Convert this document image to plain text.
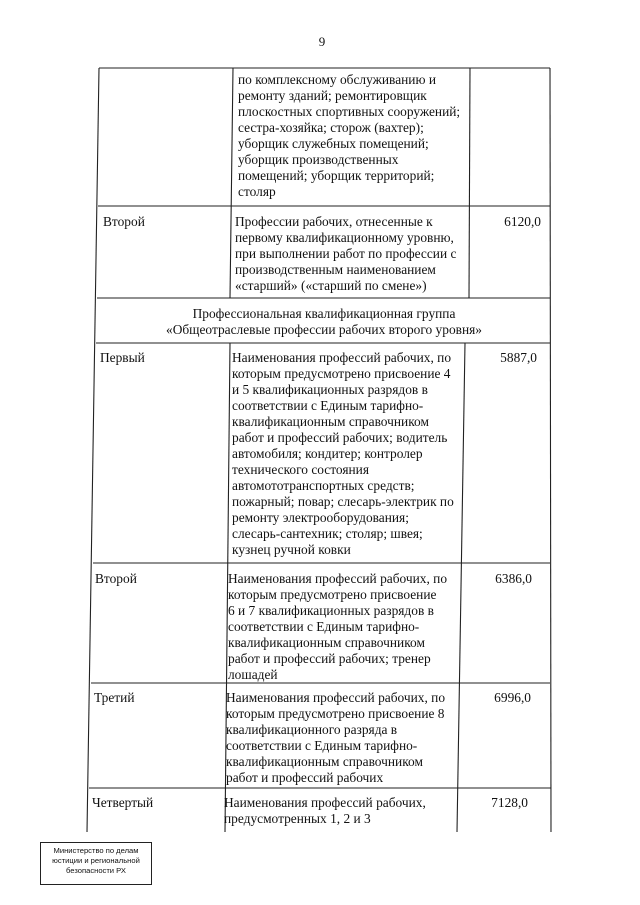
9
по комплексному обслуживанию и
ремонту зданий; ремонтировщик
плоскостных спортивных сооружений;
сестра-хозяйка; сторож (вахтер);
уборщик служебных помещений;
уборщик производственных
помещений; уборщик территорий;
столяр
Второй	Профессии рабочих, отнесенные к
первому квалификационному уровню,
при выполнении работ по профессии с
производственным наименованием
«старший» («старший по смене»)
6120,0
Профессиональная квалификационная группа
«Общеотраслевые профессии рабочих второго уровня»
Первый	Наименования профессий рабочих, по
которым предусмотрено присвоение 4
и 5 квалификационных разрядов в
соответствии с Единым тарифно-
квалификационным справочником
работ и профессий рабочих; водитель
автомобиля; кондитер; контролер
технического состояния
автомототранспортных средств;
пожарный; повар; слесарь-электрик по
ремонту электрооборудования;
слесарь-сантехник; столяр; швея;
кузнец ручной ковки
5887,0
Второй	Наименования профессий рабочих, по
которым предусмотрено присвоение
6 и 7 квалификационных разрядов в
соответствии с Единым тарифно-
квалификационным справочником
работ и профессий рабочих; тренер
лошадей
6386,0
Третий	Наименования профессий рабочих, по
которым предусмотрено присвоение 8
квалификационного разряда в
соответствии с Единым тарифно-
квалификационным справочником
работ и профессий рабочих
6996,0
Четвертый	Наименования профессий рабочих,
предусмотренных 1, 2 и 3
7128,0
Министерство по делам
юстиции и региональной
безопасности РХ
